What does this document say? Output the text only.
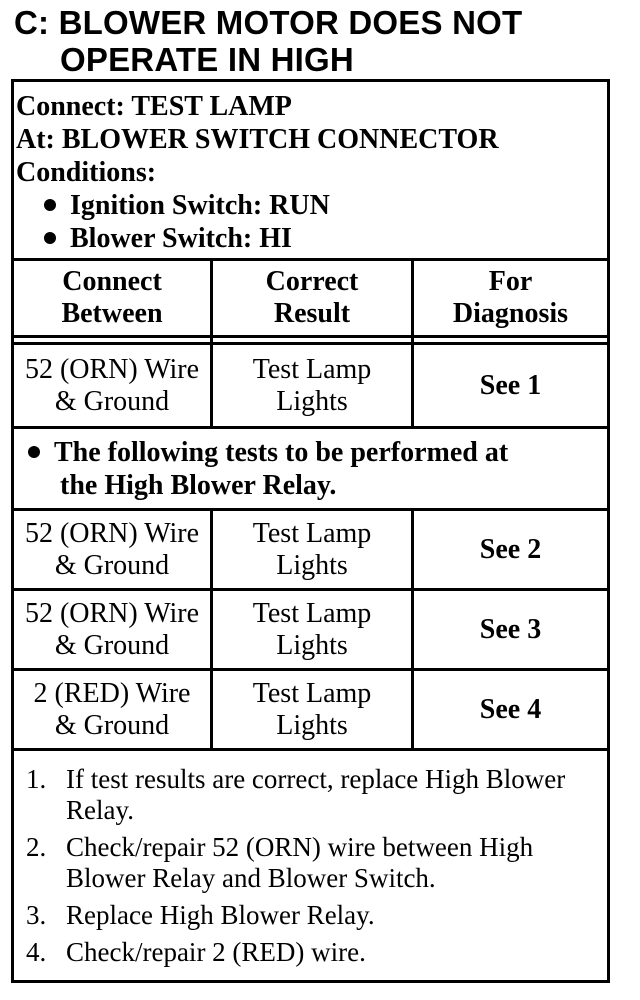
C: BLOWER MOTOR DOES NOT
OPERATE IN HIGH
Connect: TEST LAMP
At: BLOWER SWITCH CONNECTOR
Conditions:
Ignition Switch: RUN
Blower Switch: HI
Connect
Between
Correct
Result
For
Diagnosis
52 (ORN) Wire
& Ground
Test Lamp
Lights
See 1
The following tests to be performed at
the High Blower Relay.
52 (ORN) Wire
& Ground
Test Lamp
Lights
See 2
52 (ORN) Wire
& Ground
Test Lamp
Lights
See 3
2 (RED) Wire
& Ground
Test Lamp
Lights
See 4
1. If test results are correct, replace High Blower Relay.
2. Check/repair 52 (ORN) wire between High Blower Relay and Blower Switch.
3. Replace High Blower Relay.
4. Check/repair 2 (RED) wire.
